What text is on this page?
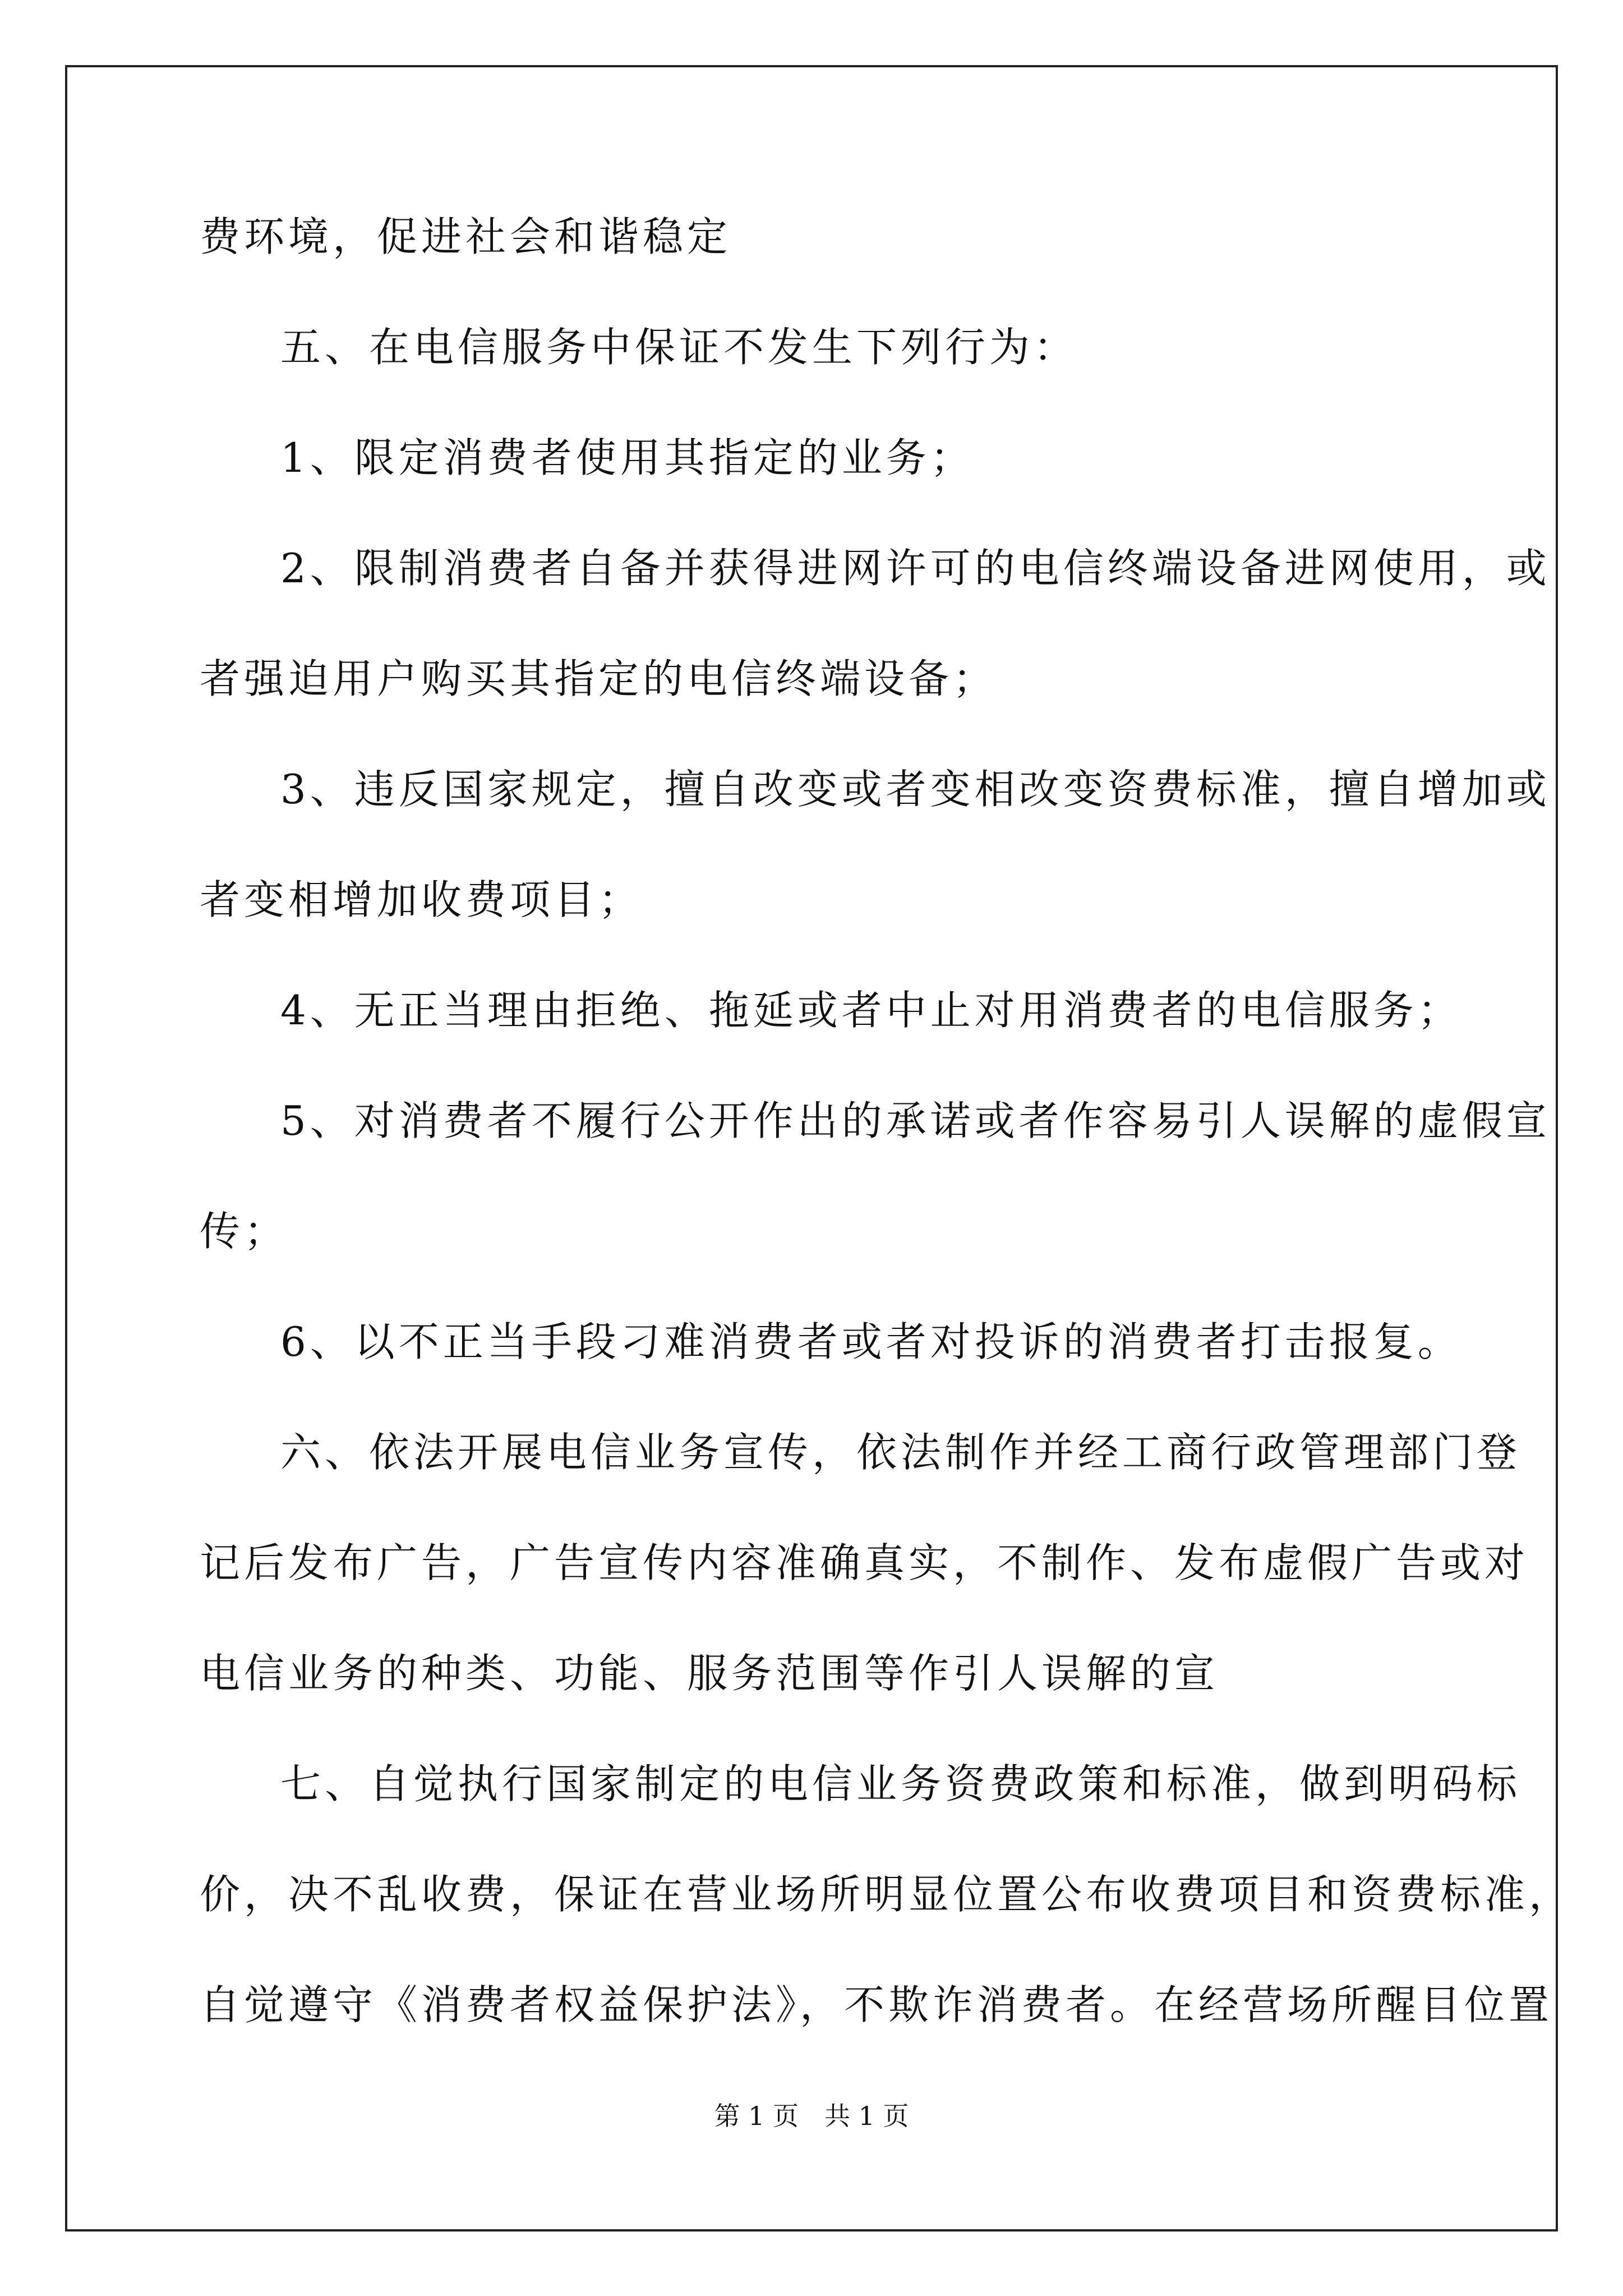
费环境，促进社会和谐稳定
五、在电信服务中保证不发生下列行为：
1、限定消费者使用其指定的业务；
2、限制消费者自备并获得进网许可的电信终端设备进网使用，或
者强迫用户购买其指定的电信终端设备；
3、违反国家规定，擅自改变或者变相改变资费标准，擅自增加或
者变相增加收费项目；
4、无正当理由拒绝、拖延或者中止对用消费者的电信服务；
5、对消费者不履行公开作出的承诺或者作容易引人误解的虚假宣
传；
6、以不正当手段刁难消费者或者对投诉的消费者打击报复。
六、依法开展电信业务宣传，依法制作并经工商行政管理部门登
记后发布广告，广告宣传内容准确真实，不制作、发布虚假广告或对
电信业务的种类、功能、服务范围等作引人误解的宣
七、自觉执行国家制定的电信业务资费政策和标准，做到明码标
价，决不乱收费，保证在营业场所明显位置公布收费项目和资费标准，
自觉遵守《消费者权益保护法》，不欺诈消费者。在经营场所醒目位置
第 1 页　共 1 页
